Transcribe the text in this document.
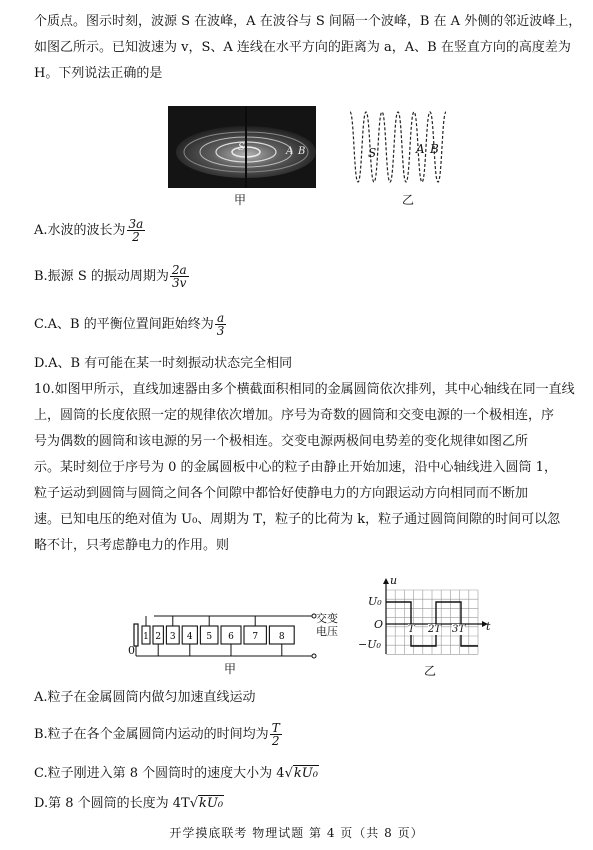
个质点。图示时刻，波源 S 在波峰，A 在波谷与 S 间隔一个波峰，B 在 A 外侧的邻近波峰上，
如图乙所示。已知波速为 v，S、A 连线在水平方向的距离为 a，A、B 在竖直方向的高度差为
H。下列说法正确的是
S	A B
甲
S	A B
乙
A.水波的波长为 $\frac{3a}{2}$
B.振源 S 的振动周期为 $\frac{2a}{3v}$
C.A、B 的平衡位置间距始终为 $\frac{a}{3}$
D.A、B 有可能在某一时刻振动状态完全相同
10.如图甲所示，直线加速器由多个横截面积相同的金属圆筒依次排列，其中心轴线在同一直线
上，圆筒的长度依照一定的规律依次增加。序号为奇数的圆筒和交变电源的一个极相连，序
号为偶数的圆筒和该电源的另一个极相连。交变电源两极间电势差的变化规律如图乙所
示。某时刻位于序号为 0 的金属圆板中心的粒子由静止开始加速，沿中心轴线进入圆筒 1，
粒子运动到圆筒与圆筒之间各个间隙中都恰好使静电力的方向跟运动方向相同而不断加
速。已知电压的绝对值为 U₀、周期为 T，粒子的比荷为 k，粒子通过圆筒间隙的时间可以忽
略不计，只考虑静电力的作用。则
1 2 3 4 5 6 7 8
0
交变
电压
甲
u
U₀
O
−U₀
t
T 2T 3T
乙
A.粒子在金属圆筒内做匀加速直线运动
B.粒子在各个金属圆筒内运动的时间均为 $\frac{T}{2}$
C.粒子刚进入第 8 个圆筒时的速度大小为 4√kU₀
D.第 8 个圆筒的长度为 4T√kU₀
开学摸底联考 物理试题 第 4 页（共 8 页）
